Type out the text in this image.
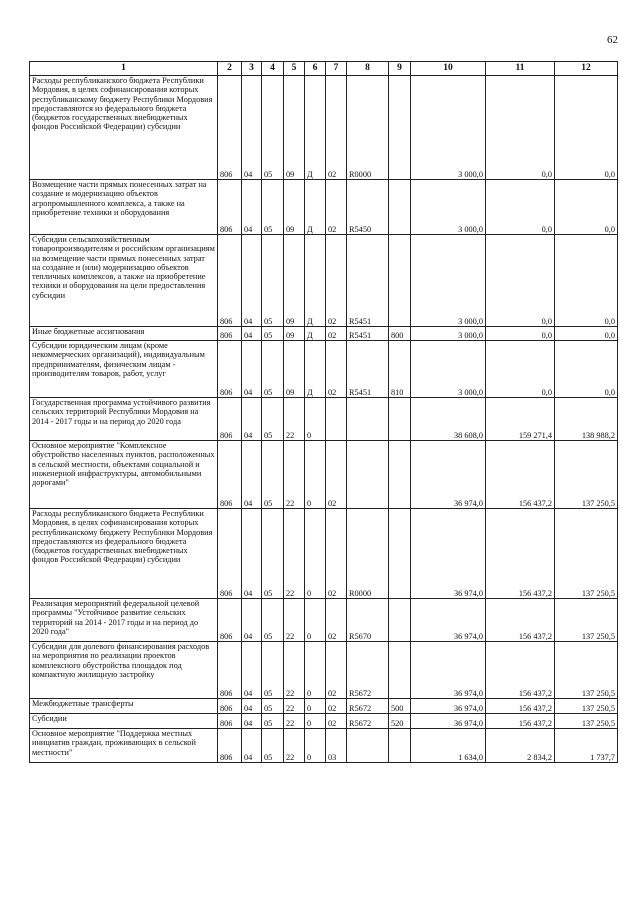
62
1	2	3	4	5	6	7	8	9	10	11	12
Расходы республиканского бюджета Республики Мордовия, в целях софинансирования которых республиканскому бюджету Республики Мордовия предоставляются из федерального бюджета (бюджетов государственных внебюджетных фондов Российской Федерации) субсидии	806	04	05	09	Д	02	R0000		3 000,0	0,0	0,0
Возмещение части прямых понесенных затрат на создание и модернизацию объектов агропромышленного комплекса, а также на приобретение техники и оборудования	806	04	05	09	Д	02	R5450		3 000,0	0,0	0,0
Субсидии сельскохозяйственным товаропроизводителям и российским организациям на возмещение части прямых понесенных затрат на создание и (или) модернизацию объектов тепличных комплексов, а также на приобретение техники и оборудования на цели предоставления субсидии	806	04	05	09	Д	02	R5451		3 000,0	0,0	0,0
Иные бюджетные ассигнования	806	04	05	09	Д	02	R5451	800	3 000,0	0,0	0,0
Субсидии юридическим лицам (кроме некоммерческих организаций), индивидуальным предпринимателям, физическим лицам - производителям товаров, работ, услуг	806	04	05	09	Д	02	R5451	810	3 000,0	0,0	0,0
Государственная программа устойчивого развития сельских территорий Республики Мордовия на 2014 - 2017 годы и на период до 2020 года	806	04	05	22	0				38 608,0	159 271,4	138 988,2
Основное мероприятие "Комплексное обустройство населенных пунктов, расположенных в сельской местности, объектами социальной и инженерной инфраструктуры, автомобильными дорогами"	806	04	05	22	0	02			36 974,0	156 437,2	137 250,5
Расходы республиканского бюджета Республики Мордовия, в целях софинансирования которых республиканскому бюджету Республики Мордовия предоставляются из федерального бюджета (бюджетов государственных внебюджетных фондов Российской Федерации) субсидии	806	04	05	22	0	02	R0000		36 974,0	156 437,2	137 250,5
Реализация мероприятий федеральной целевой программы "Устойчивое развитие сельских территорий на 2014 - 2017 годы и на период до 2020 года"	806	04	05	22	0	02	R5670		36 974,0	156 437,2	137 250,5
Субсидии для долевого финансирования расходов на мероприятия по реализации проектов комплексного обустройства площадок под компактную жилищную застройку	806	04	05	22	0	02	R5672		36 974,0	156 437,2	137 250,5
Межбюджетные трансферты	806	04	05	22	0	02	R5672	500	36 974,0	156 437,2	137 250,5
Субсидии	806	04	05	22	0	02	R5672	520	36 974,0	156 437,2	137 250,5
Основное мероприятие "Поддержка местных инициатив граждан, проживающих в сельской местности"	806	04	05	22	0	03			1 634,0	2 834,2	1 737,7
